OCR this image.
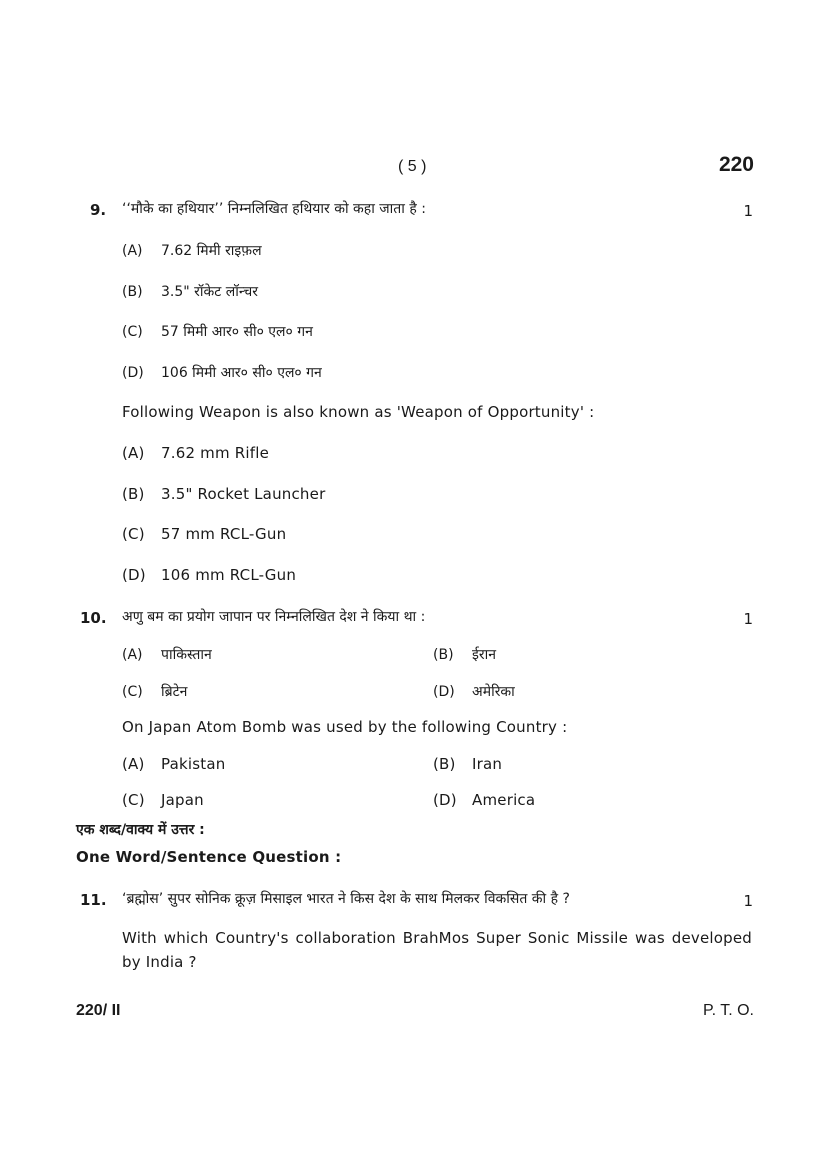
( 5 )	220
9. ‘‘मौके का हथियार’’ निम्नलिखित हथियार को कहा जाता है :	1
(A) 7.62 मिमी राइफ़ल
(B) 3.5" रॉकेट लॉन्चर
(C) 57 मिमी आर० सी० एल० गन
(D) 106 मिमी आर० सी० एल० गन
Following Weapon is also known as 'Weapon of Opportunity' :
(A) 7.62 mm Rifle
(B) 3.5" Rocket Launcher
(C) 57 mm RCL-Gun
(D) 106 mm RCL-Gun
10. अणु बम का प्रयोग जापान पर निम्नलिखित देश ने किया था :	1
(A) पाकिस्तान	(B) ईरान
(C) ब्रिटेन	(D) अमेरिका
On Japan Atom Bomb was used by the following Country :
(A) Pakistan	(B) Iran
(C) Japan	(D) America
एक शब्द/वाक्य में उत्तर :
One Word/Sentence Question :
11. ‘ब्रह्मोस’ सुपर सोनिक क्रूज़ मिसाइल भारत ने किस देश के साथ मिलकर विकसित की है ?	1
With which Country's collaboration BrahMos Super Sonic Missile was developed by India ?
220/ II	P. T. O.
